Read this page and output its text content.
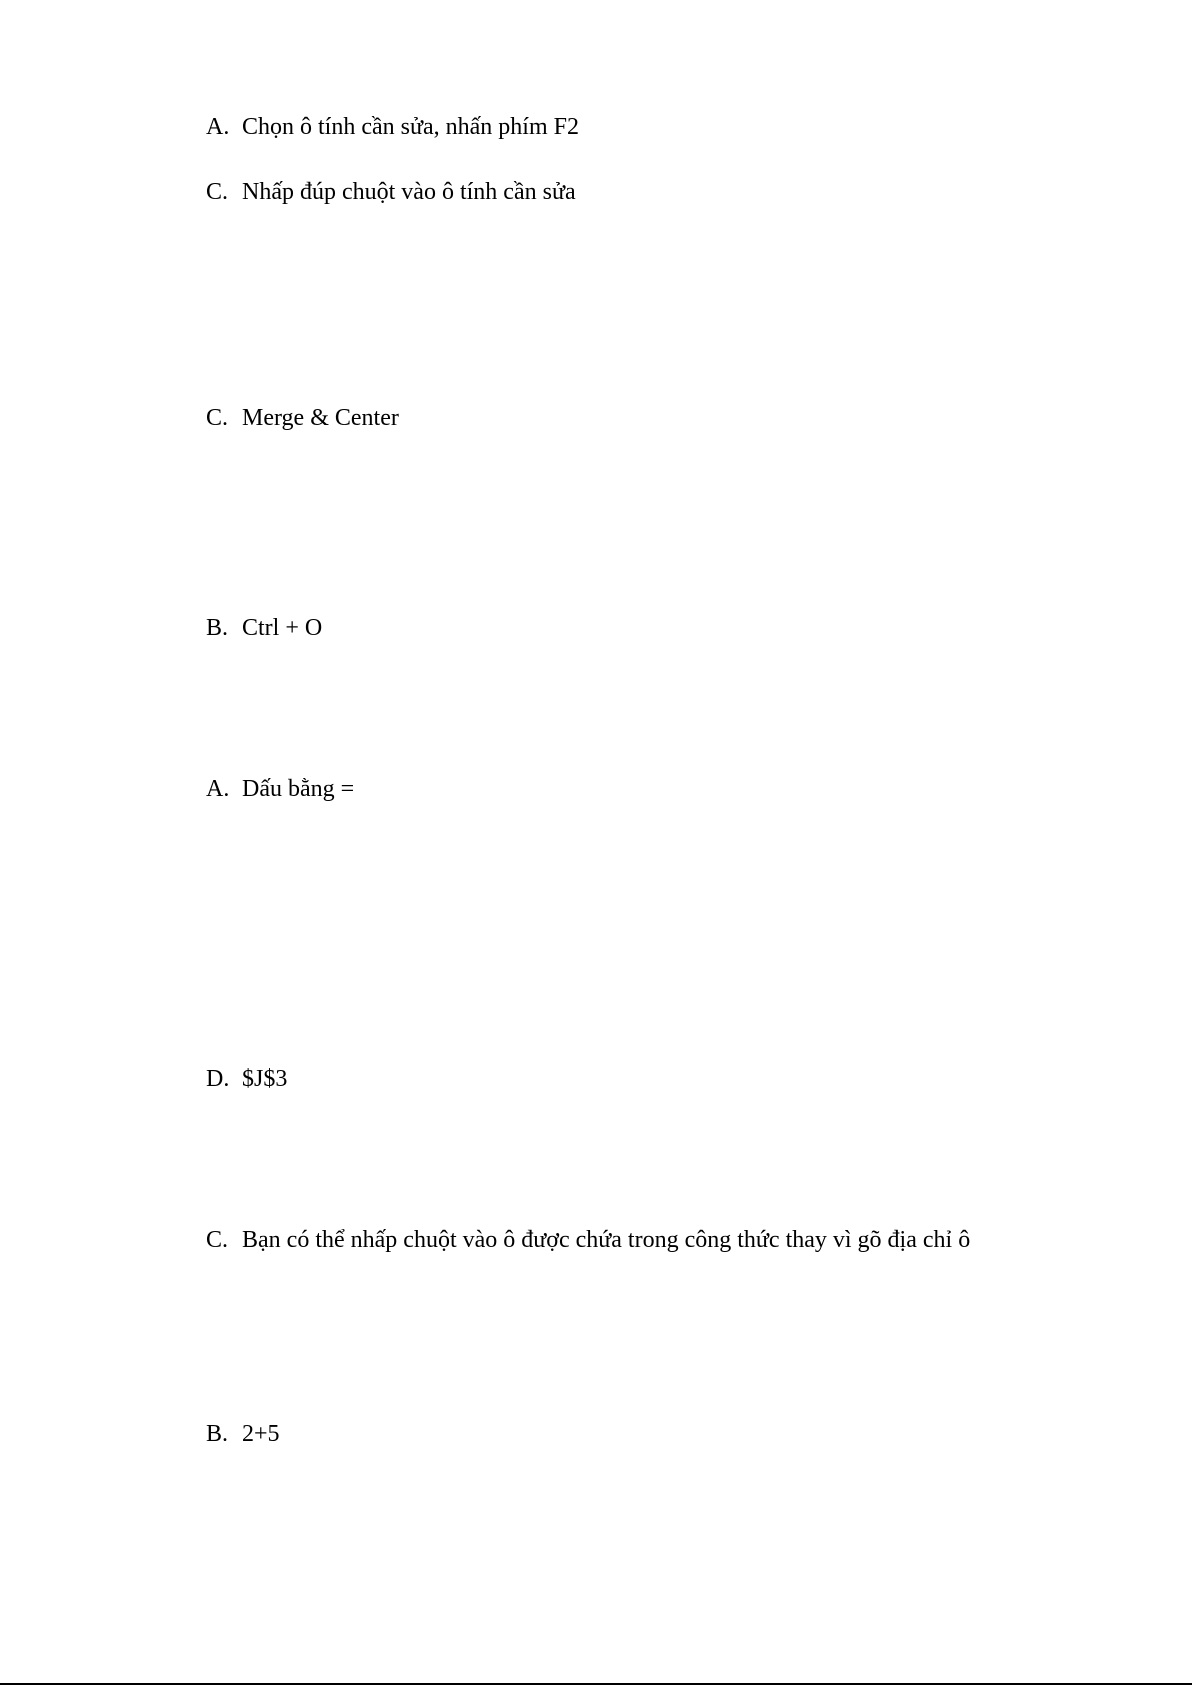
A. Chọn ô tính cần sửa, nhấn phím F2
C. Nhấp đúp chuột vào ô tính cần sửa
C. Merge & Center
B. Ctrl + O
A. Dấu bằng =
D. $J$3
C. Bạn có thể nhấp chuột vào ô được chứa trong công thức thay vì gõ địa chỉ ô
B. 2+5
